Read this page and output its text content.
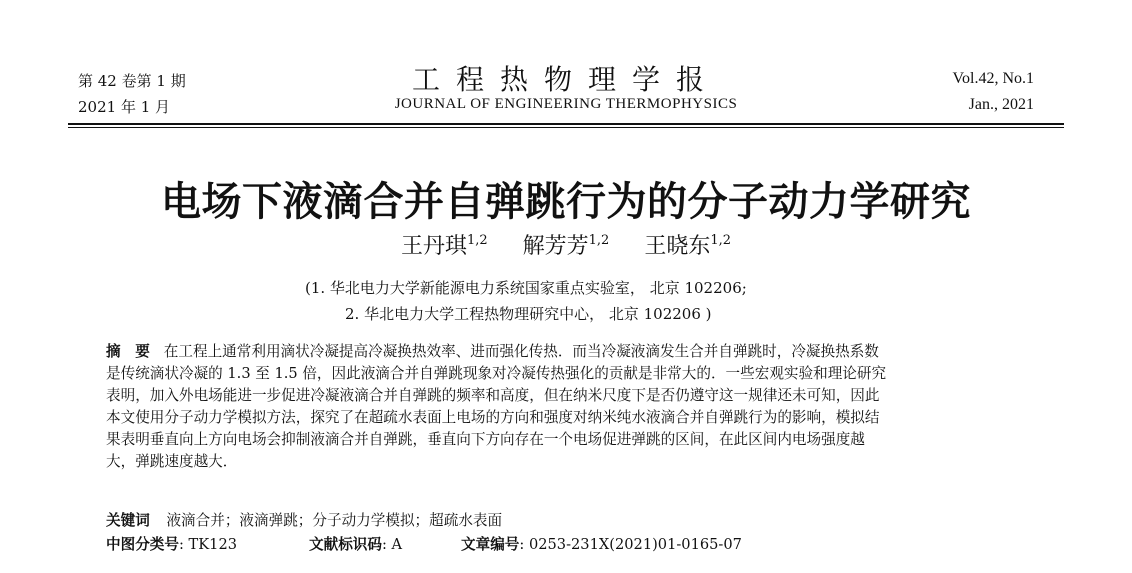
第 42 卷第 1 期
2021 年 1 月
工程热物理学报
JOURNAL OF ENGINEERING THERMOPHYSICS
Vol.42, No.1
Jan., 2021
电场下液滴合并自弹跳行为的分子动力学研究
王丹琪$^{1,2}$ 解芳芳$^{1,2}$ 王晓东$^{1,2}$
(1. 华北电力大学新能源电力系统国家重点实验室， 北京 102206;
2. 华北电力大学工程热物理研究中心， 北京 102206 )
摘　要 在工程上通常利用滴状冷凝提高冷凝换热效率、进而强化传热．而当冷凝液滴发生合并自弹跳时，冷凝换热系数
是传统滴状冷凝的 1.3 至 1.5 倍，因此液滴合并自弹跳现象对冷凝传热强化的贡献是非常大的．一些宏观实验和理论研究
表明，加入外电场能进一步促进冷凝液滴合并自弹跳的频率和高度，但在纳米尺度下是否仍遵守这一规律还未可知，因此
本文使用分子动力学模拟方法，探究了在超疏水表面上电场的方向和强度对纳米纯水液滴合并自弹跳行为的影响，模拟结
果表明垂直向上方向电场会抑制液滴合并自弹跳，垂直向下方向存在一个电场促进弹跳的区间，在此区间内电场强度越
大，弹跳速度越大．
关键词 液滴合并；液滴弹跳；分子动力学模拟；超疏水表面
中图分类号: TK123	文献标识码: A	文章编号: 0253-231X(2021)01-0165-07
